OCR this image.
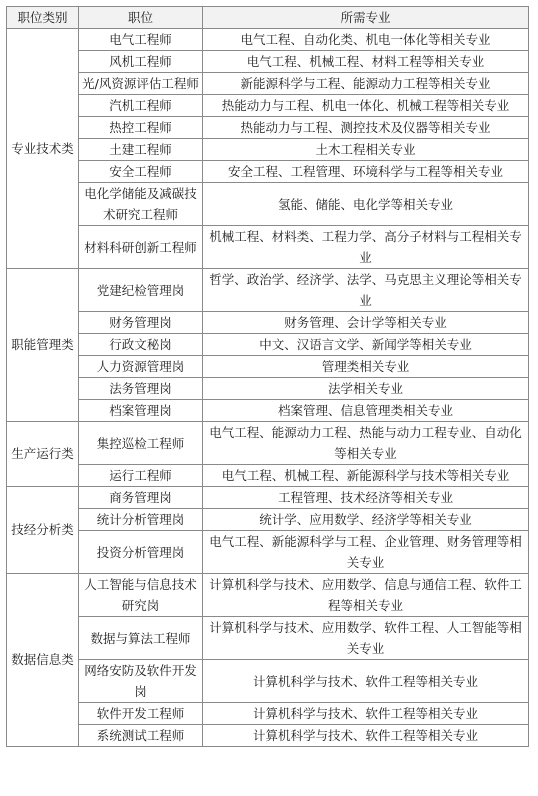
职位类别	职位	所需专业
专业技术类	电气工程师	电气工程、自动化类、机电一体化等相关专业
	风机工程师	电气工程、机械工程、材料工程等相关专业
	光/风资源评估工程师	新能源科学与工程、能源动力工程等相关专业
	汽机工程师	热能动力与工程、机电一体化、机械工程等相关专业
	热控工程师	热能动力与工程、测控技术及仪器等相关专业
	土建工程师	土木工程相关专业
	安全工程师	安全工程、工程管理、环境科学与工程等相关专业
	电化学储能及减碳技术研究工程师	氢能、储能、电化学等相关专业
	材料科研创新工程师	机械工程、材料类、工程力学、高分子材料与工程相关专业
职能管理类	党建纪检管理岗	哲学、政治学、经济学、法学、马克思主义理论等相关专业
	财务管理岗	财务管理、会计学等相关专业
	行政文秘岗	中文、汉语言文学、新闻学等相关专业
	人力资源管理岗	管理类相关专业
	法务管理岗	法学相关专业
	档案管理岗	档案管理、信息管理类相关专业
生产运行类	集控巡检工程师	电气工程、能源动力工程、热能与动力工程专业、自动化等相关专业
	运行工程师	电气工程、机械工程、新能源科学与技术等相关专业
技经分析类	商务管理岗	工程管理、技术经济等相关专业
	统计分析管理岗	统计学、应用数学、经济学等相关专业
	投资分析管理岗	电气工程、新能源科学与工程、企业管理、财务管理等相关专业
数据信息类	人工智能与信息技术研究岗	计算机科学与技术、应用数学、信息与通信工程、软件工程等相关专业
	数据与算法工程师	计算机科学与技术、应用数学、软件工程、人工智能等相关专业
	网络安防及软件开发岗	计算机科学与技术、软件工程等相关专业
	软件开发工程师	计算机科学与技术、软件工程等相关专业
	系统测试工程师	计算机科学与技术、软件工程等相关专业
